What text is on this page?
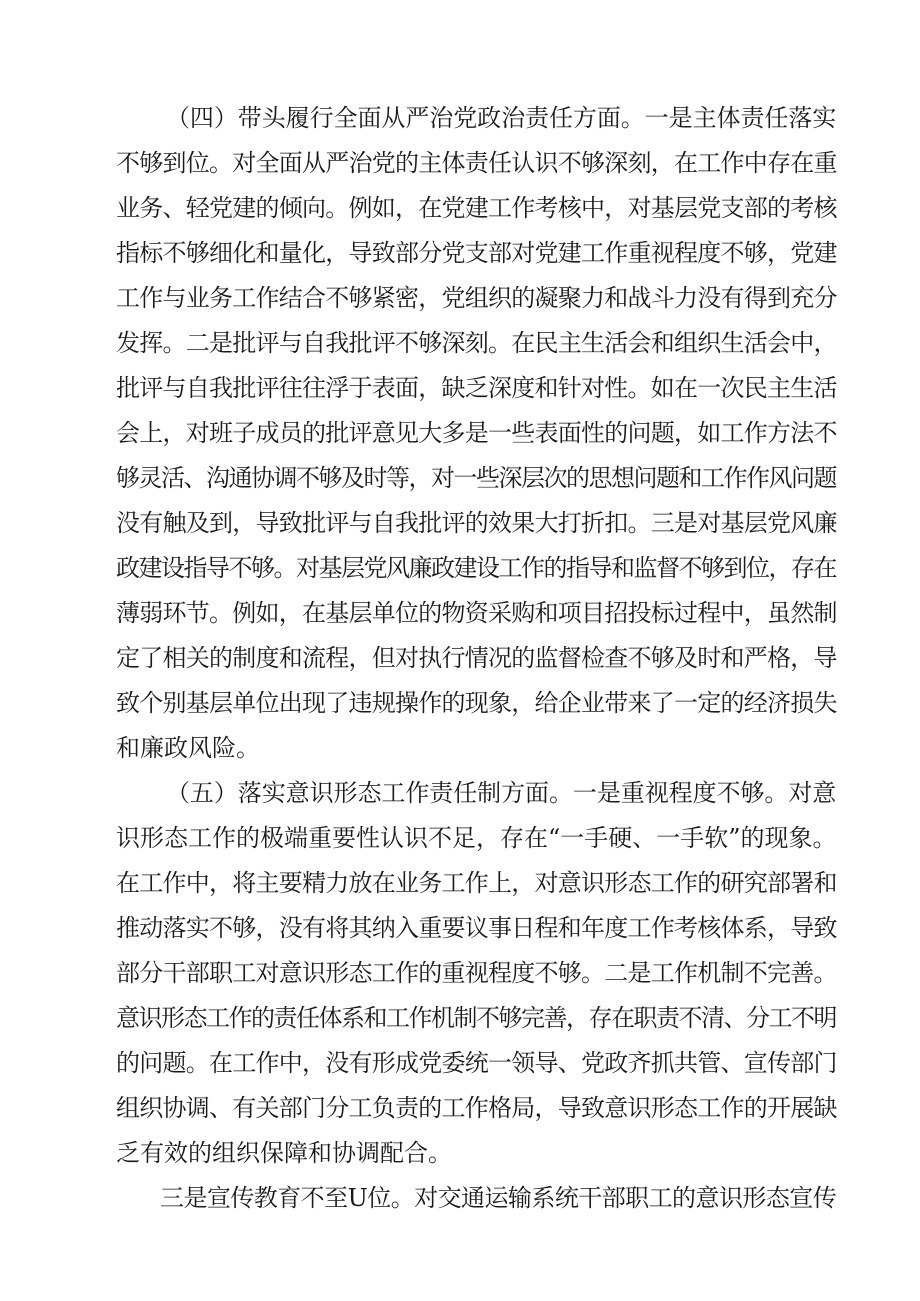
（四）带头履行全面从严治党政治责任方面。一是主体责任落实
不够到位。对全面从严治党的主体责任认识不够深刻，在工作中存在重
业务、轻党建的倾向。例如，在党建工作考核中，对基层党支部的考核
指标不够细化和量化，导致部分党支部对党建工作重视程度不够，党建
工作与业务工作结合不够紧密，党组织的凝聚力和战斗力没有得到充分
发挥。二是批评与自我批评不够深刻。在民主生活会和组织生活会中，
批评与自我批评往往浮于表面，缺乏深度和针对性。如在一次民主生活
会上，对班子成员的批评意见大多是一些表面性的问题，如工作方法不
够灵活、沟通协调不够及时等，对一些深层次的思想问题和工作作风问题
没有触及到，导致批评与自我批评的效果大打折扣。三是对基层党风廉
政建设指导不够。对基层党风廉政建设工作的指导和监督不够到位，存在
薄弱环节。例如，在基层单位的物资采购和项目招投标过程中，虽然制
定了相关的制度和流程，但对执行情况的监督检查不够及时和严格，导
致个别基层单位出现了违规操作的现象，给企业带来了一定的经济损失
和廉政风险。
（五）落实意识形态工作责任制方面。一是重视程度不够。对意
识形态工作的极端重要性认识不足，存在“一手硬、一手软”的现象。
在工作中，将主要精力放在业务工作上，对意识形态工作的研究部署和
推动落实不够，没有将其纳入重要议事日程和年度工作考核体系，导致
部分干部职工对意识形态工作的重视程度不够。二是工作机制不完善。
意识形态工作的责任体系和工作机制不够完善，存在职责不清、分工不明
的问题。在工作中，没有形成党委统一领导、党政齐抓共管、宣传部门
组织协调、有关部门分工负责的工作格局，导致意识形态工作的开展缺
乏有效的组织保障和协调配合。
三是宣传教育不至U位。对交通运输系统干部职工的意识形态宣传
